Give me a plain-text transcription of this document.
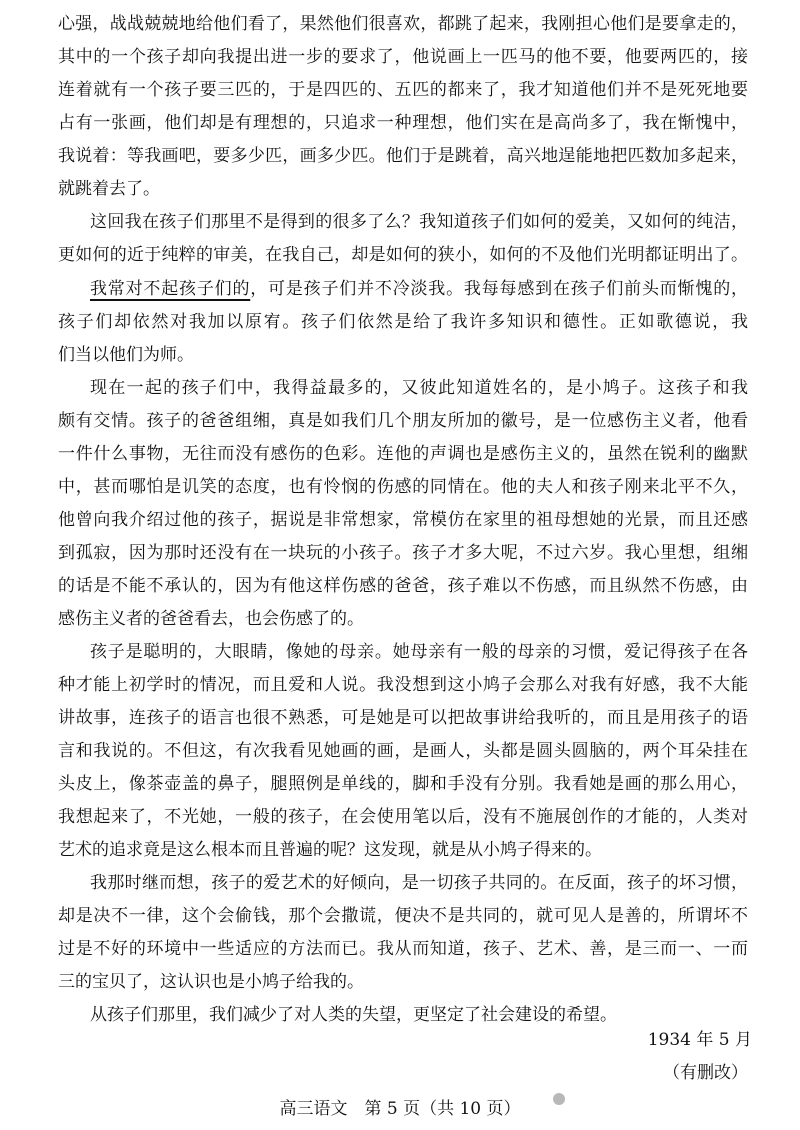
心强，战战兢兢地给他们看了，果然他们很喜欢，都跳了起来，我刚担心他们是要拿走的，
其中的一个孩子却向我提出进一步的要求了，他说画上一匹马的他不要，他要两匹的，接
连着就有一个孩子要三匹的，于是四匹的、五匹的都来了，我才知道他们并不是死死地要
占有一张画，他们却是有理想的，只追求一种理想，他们实在是高尚多了，我在惭愧中，
我说着：等我画吧，要多少匹，画多少匹。他们于是跳着，高兴地逞能地把匹数加多起来，
就跳着去了。
这回我在孩子们那里不是得到的很多了么？我知道孩子们如何的爱美，又如何的纯洁，
更如何的近于纯粹的审美，在我自己，却是如何的狭小，如何的不及他们光明都证明出了。
我常对不起孩子们的，可是孩子们并不冷淡我。我每每感到在孩子们前头而惭愧的，
孩子们却依然对我加以原宥。孩子们依然是给了我许多知识和德性。正如歌德说，我
们当以他们为师。
现在一起的孩子们中，我得益最多的，又彼此知道姓名的，是小鸠子。这孩子和我
颇有交情。孩子的爸爸组缃，真是如我们几个朋友所加的徽号，是一位感伤主义者，他看
一件什么事物，无往而没有感伤的色彩。连他的声调也是感伤主义的，虽然在锐利的幽默
中，甚而哪怕是讥笑的态度，也有怜悯的伤感的同情在。他的夫人和孩子刚来北平不久，
他曾向我介绍过他的孩子，据说是非常想家，常模仿在家里的祖母想她的光景，而且还感
到孤寂，因为那时还没有在一块玩的小孩子。孩子才多大呢，不过六岁。我心里想，组缃
的话是不能不承认的，因为有他这样伤感的爸爸，孩子难以不伤感，而且纵然不伤感，由
感伤主义者的爸爸看去，也会伤感了的。
孩子是聪明的，大眼睛，像她的母亲。她母亲有一般的母亲的习惯，爱记得孩子在各
种才能上初学时的情况，而且爱和人说。我没想到这小鸠子会那么对我有好感，我不大能
讲故事，连孩子的语言也很不熟悉，可是她是可以把故事讲给我听的，而且是用孩子的语
言和我说的。不但这，有次我看见她画的画，是画人，头都是圆头圆脑的，两个耳朵挂在
头皮上，像茶壶盖的鼻子，腿照例是单线的，脚和手没有分别。我看她是画的那么用心，
我想起来了，不光她，一般的孩子，在会使用笔以后，没有不施展创作的才能的，人类对
艺术的追求竟是这么根本而且普遍的呢？这发现，就是从小鸠子得来的。
我那时继而想，孩子的爱艺术的好倾向，是一切孩子共同的。在反面，孩子的坏习惯，
却是决不一律，这个会偷钱，那个会撒谎，便决不是共同的，就可见人是善的，所谓坏不
过是不好的环境中一些适应的方法而已。我从而知道，孩子、艺术、善，是三而一、一而
三的宝贝了，这认识也是小鸠子给我的。
从孩子们那里，我们减少了对人类的失望，更坚定了社会建设的希望。
1934 年 5 月
（有删改）
高三语文　第 5 页（共 10 页）
